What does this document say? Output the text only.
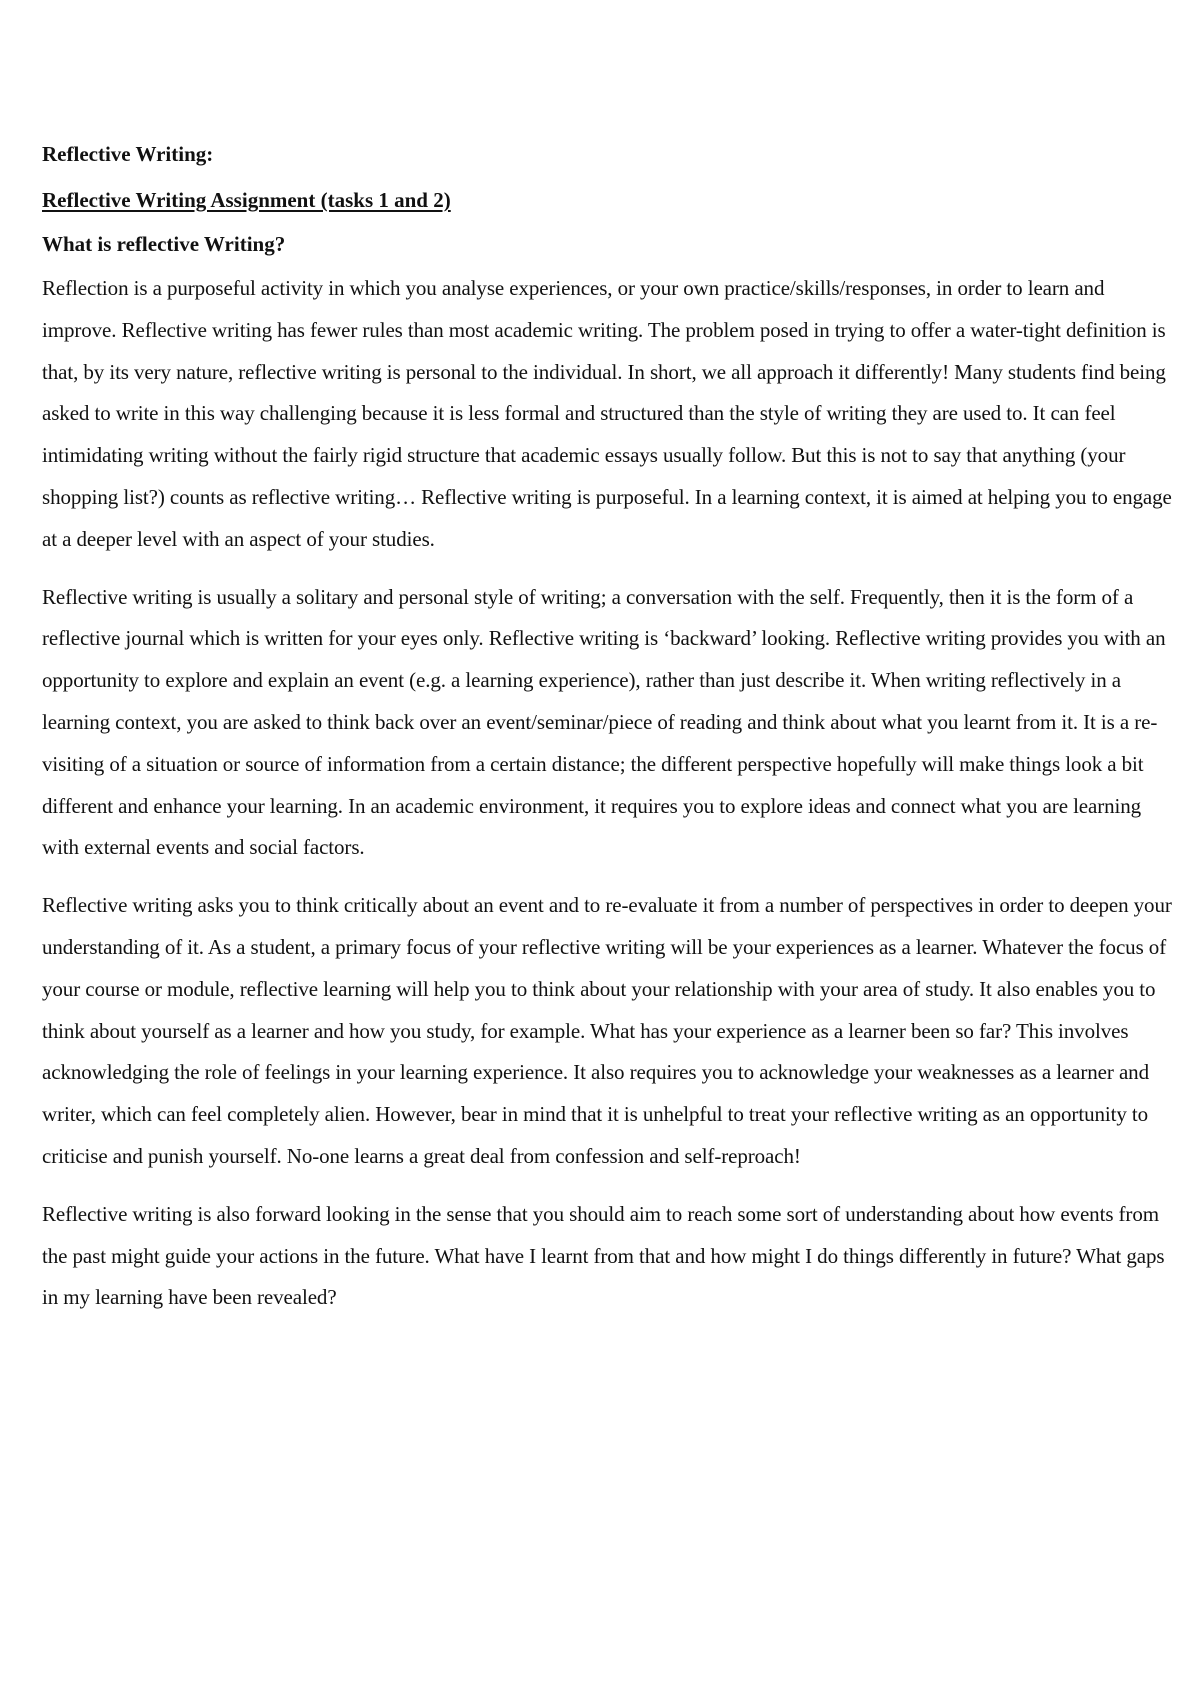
Reflective Writing:

Reflective Writing Assignment (tasks 1 and 2)

What is reflective Writing?

Reflection is a purposeful activity in which you analyse experiences, or your own practice/skills/responses, in order to learn and improve. Reflective writing has fewer rules than most academic writing. The problem posed in trying to offer a water-tight definition is that, by its very nature, reflective writing is personal to the individual. In short, we all approach it differently! Many students find being asked to write in this way challenging because it is less formal and structured than the style of writing they are used to. It can feel intimidating writing without the fairly rigid structure that academic essays usually follow. But this is not to say that anything (your shopping list?) counts as reflective writing… Reflective writing is purposeful. In a learning context, it is aimed at helping you to engage at a deeper level with an aspect of your studies.

Reflective writing is usually a solitary and personal style of writing; a conversation with the self. Frequently, then it is the form of a reflective journal which is written for your eyes only. Reflective writing is ‘backward’ looking. Reflective writing provides you with an opportunity to explore and explain an event (e.g. a learning experience), rather than just describe it. When writing reflectively in a learning context, you are asked to think back over an event/seminar/piece of reading and think about what you learnt from it. It is a re-visiting of a situation or source of information from a certain distance; the different perspective hopefully will make things look a bit different and enhance your learning. In an academic environment, it requires you to explore ideas and connect what you are learning with external events and social factors.

Reflective writing asks you to think critically about an event and to re-evaluate it from a number of perspectives in order to deepen your understanding of it. As a student, a primary focus of your reflective writing will be your experiences as a learner. Whatever the focus of your course or module, reflective learning will help you to think about your relationship with your area of study. It also enables you to think about yourself as a learner and how you study, for example. What has your experience as a learner been so far? This involves acknowledging the role of feelings in your learning experience. It also requires you to acknowledge your weaknesses as a learner and writer, which can feel completely alien. However, bear in mind that it is unhelpful to treat your reflective writing as an opportunity to criticise and punish yourself. No-one learns a great deal from confession and self-reproach!

Reflective writing is also forward looking in the sense that you should aim to reach some sort of understanding about how events from the past might guide your actions in the future. What have I learnt from that and how might I do things differently in future? What gaps in my learning have been revealed?
